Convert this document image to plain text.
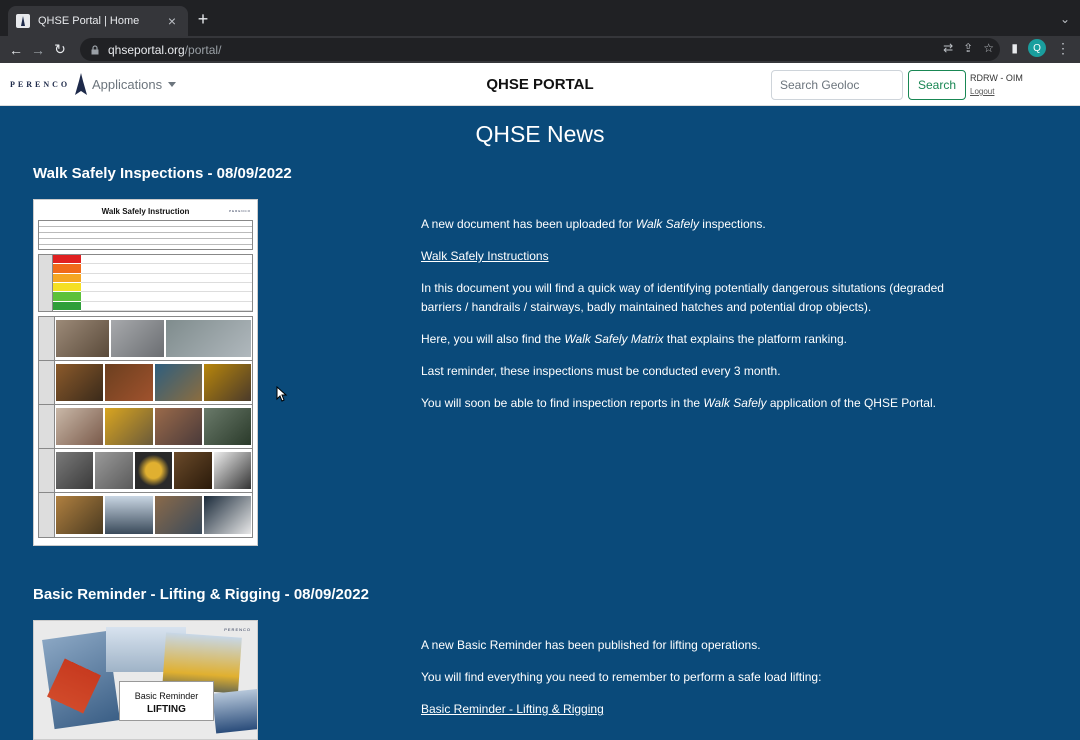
QHSE Portal | Home	× +	⌄
← → ↻	qhseportal.org/portal/	⇄ ⇪ ☆ ▮	Q	⋮
PERENCO Applications	QHSE PORTAL
Search Geoloc	Search	RDRW - OIM
Logout
QHSE News
Walk Safely Inspections - 08/09/2022
Walk Safely Instruction	PERENCO

A new document has been uploaded for Walk Safely inspections.

Walk Safely Instructions

In this document you will find a quick way of identifying potentially dangerous situtations (degraded barriers / handrails / stairways, badly maintained hatches and potential drop objects).

Here, you will also find the Walk Safely Matrix that explains the platform ranking.

Last reminder, these inspections must be conducted every 3 month.

You will soon be able to find inspection reports in the Walk Safely application of the QHSE Portal.

Basic Reminder - Lifting & Rigging - 08/09/2022
PERENCO
Basic Reminder
LIFTING

A new Basic Reminder has been published for lifting operations.

You will find everything you need to remember to perform a safe load lifting:

Basic Reminder - Lifting & Rigging
